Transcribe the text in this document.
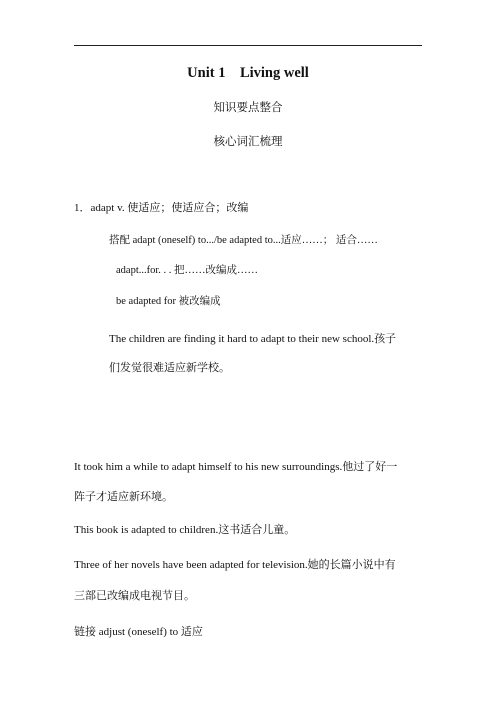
Unit 1    Living well
知识要点整合
核心词汇梳理
1．adapt v. 使适应；使适应合；改编
搭配 adapt (oneself) to.../be adapted to...适应……； 适合……
adapt...for. . . 把……改编成……
be adapted for 被改编成
The children are finding it hard to adapt to their new school.孩子
们发觉很难适应新学校。
It took him a while to adapt himself to his new surroundings.他过了好一
阵子才适应新环境。
This book is adapted to children.这书适合儿童。
Three of her novels have been adapted for television.她的长篇小说中有
三部已改编成电视节目。
链接 adjust (oneself) to 适应
